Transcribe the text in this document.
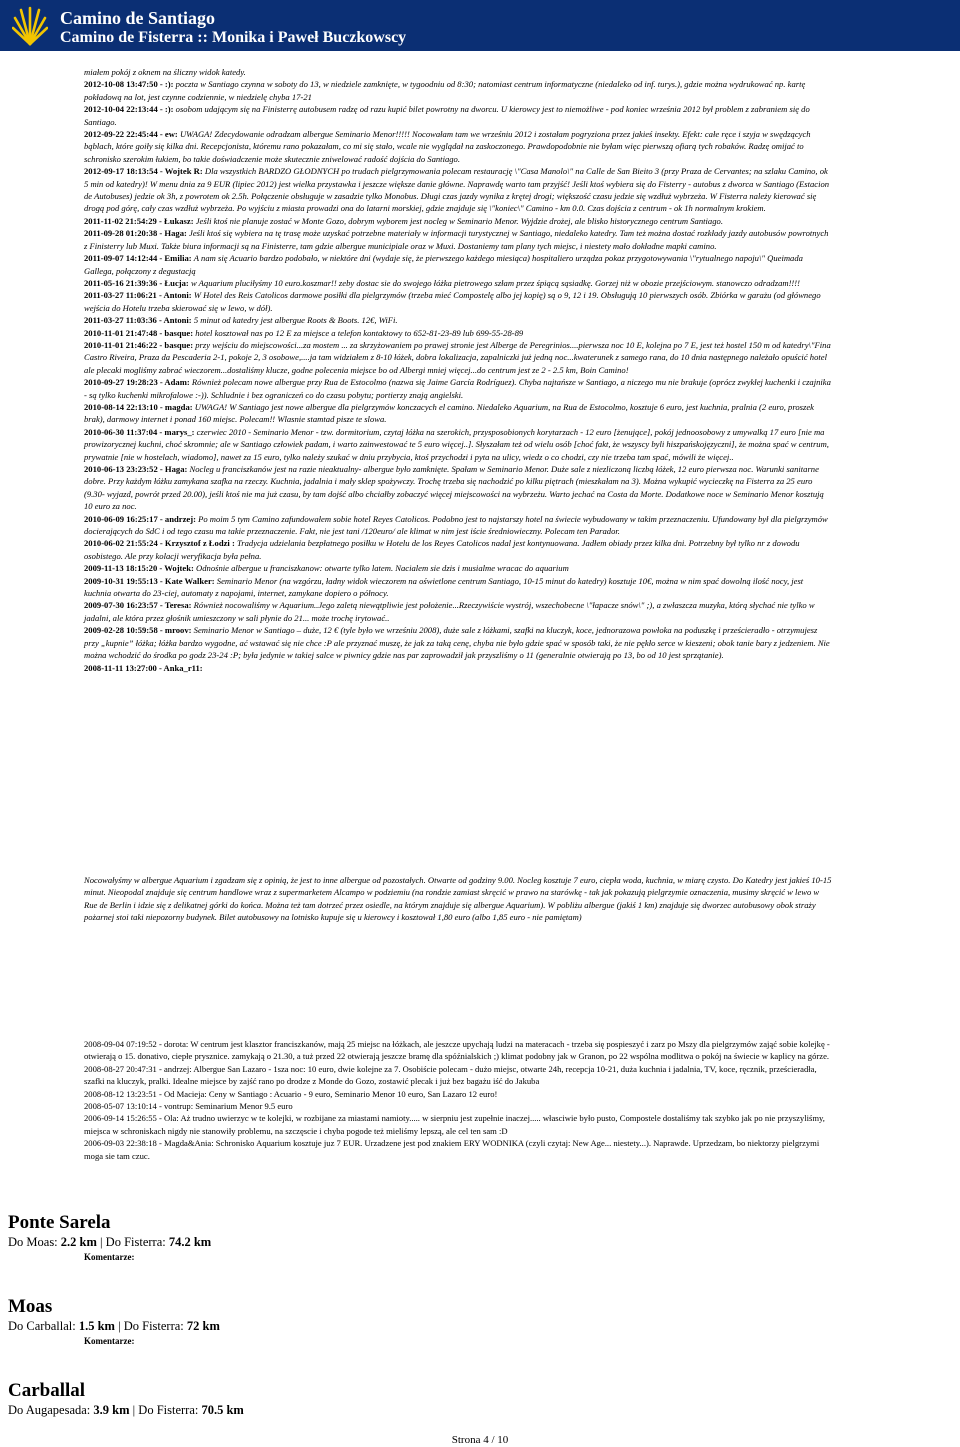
Camino de Santiago
Camino de Fisterra :: Monika i Paweł Buczkowscy

miałem pokój z oknem na śliczny widok katedy.

2012-10-08 13:47:50 - :): poczta w Santiago czynna w soboty do 13, w niedziele zamknięte, w tygoodniu od 8:30; natomiast centrum informatyczne (niedaleko od inf. turys.), gdzie można wydrukować np. kartę pokładową na lot, jest czynne codziennie, w niedzielę chyba 17-21

2012-10-04 22:13:44 - :): osobom udającym się na Finisterrę autobusem radzę od razu kupić bilet powrotny na dworcu. U kierowcy jest to niemożliwe - pod koniec września 2012 był problem z zabraniem się do Santiago.

2012-09-22 22:45:44 - ew: UWAGA! Zdecydowanie odradzam albergue Seminario Menor!!!!! Nocowałam tam we wrześniu 2012 i zostałam pogryziona przez jakieś insekty. Efekt: całe ręce i szyja w swędzących bąblach, które goiły się kilka dni. Recepcjonista, któremu rano pokazałam, co mi się stało, wcale nie wyglądał na zaskoczonego. Prawdopodobnie nie byłam więc pierwszą ofiarą tych robaków. Radzę omijać to schronisko szerokim łukiem, bo takie doświadczenie może skutecznie zniwelować radość dojścia do Santiago.

2012-09-17 18:13:54 - Wojtek R: Dla wszystkich BARDZO GŁODNYCH po trudach pielgrzymowania polecam restaurację \"Casa Manolo\" na Calle de San Bieito 3 (przy Praza de Cervantes; na szlaku Camino, ok 5 min od katedry)! W menu dnia za 9 EUR (lipiec 2012) jest wielka przystawka i jeszcze większe danie główne. Naprawdę warto tam przyjść! Jeśli ktoś wybiera się do Fisterry - autobus z dworca w Santiago (Estacion de Autobuses) jedzie ok 3h, z powrotem ok 2.5h. Połączenie obsługuje w zasadzie tylko Monobus. Długi czas jazdy wynika z krętej drogi; większość czasu jedzie się wzdłuż wybrzeża. W Fisterra należy kierować się drogą pod górę, cały czas wzdłuż wybrzeża. Po wyjściu z miasta prowadzi ona do latarni morskiej, gdzie znajduje się \"koniec\" Camino - km 0.0. Czas dojścia z centrum - ok 1h normalnym krokiem.

2011-11-02 21:54:29 - Łukasz: Jeśli ktoś nie planuje zostać w Monte Gozo, dobrym wyborem jest nocleg w Seminario Menor. Wyjdzie drożej, ale blisko historycznego centrum Santiago.

2011-09-28 01:20:38 - Haga: Jeśli ktoś się wybiera na tę trasę może uzyskać potrzebne materiały w informacji turystycznej w Santiago, niedaleko katedry. Tam też można dostać rozkłady jazdy autobusów powrotnych z Finisterry lub Muxi. Także biura informacji są na Finisterre, tam gdzie albergue municipiale oraz w Muxi. Dostaniemy tam plany tych miejsc, i niestety mało dokładne mapki camino.

2011-09-07 14:12:44 - Emilia: A nam się Acuario bardzo podobało, w niektóre dni (wydaje się, że pierwszego każdego miesiąca) hospitaliero urządza pokaz przygotowywania \"rytualnego napoju\" Queimada Gallega, połączony z degustacją

2011-05-16 21:39:36 - Łucja: w Aquarium pluciłyśmy 10 euro.koszmar!! zeby dostac sie do swojego łóżka pietrowego szłam przez śpiącą sąsiadkę. Gorzej niż w obozie przejściowym. stanowczo odradzam!!!!

2011-03-27 11:06:21 - Antoni: W Hotel des Reis Catolicos darmowe posiłki dla pielgrzymów (trzeba mieć Compostelę albo jej kopię) są o 9, 12 i 19. Obsługują 10 pierwszych osób. Zbiórka w garażu (od głównego wejścia do Hotelu trzeba skierować się w lewo, w dół).

2011-03-27 11:03:36 - Antoni: 5 minut od katedry jest albergue Roots & Boots. 12€, WiFi.

2010-11-01 21:47:48 - basque: hotel kosztował nas po 12 E za miejsce a telefon kontaktowy to 652-81-23-89 lub 699-55-28-89

2010-11-01 21:46:22 - basque: przy wejściu do miejscowości...za mostem ... za skrzyżowaniem po prawej stronie jest Alberge de Peregrinios....pierwsza noc 10 E, kolejna po 7 E, jest też hostel 150 m od katedry\"Fina Castro Riveira, Praza da Pescaderia 2-1, pokoje 2, 3 osobowe,....ja tam widziałem z 8-10 łóżek, dobra lokalizacja, zapalniczki już jedną noc...kwaterunek z samego rana, do 10 dnia następnego należało opuścić hotel ale plecaki mogliśmy zabrać wieczorem...dostaliśmy klucze, godne polecenia miejsce bo od Albergi mniej więcej...do centrum jest ze 2 - 2.5 km, Boin Camino!

2010-09-27 19:28:23 - Adam: Również polecam nowe albergue przy Rua de Estocolmo (nazwa się Jaime García Rodríguez). Chyba najtańsze w Santiago, a niczego mu nie brakuje (oprócz zwykłej kuchenki i czajnika - są tylko kuchenki mikrofalowe :-)). Schludnie i bez ograniczeń co do czasu pobytu; portierzy znają angielski.

2010-08-14 22:13:10 - magda: UWAGA! W Santiago jest nowe albergue dla pielgrzymów konczacych el camino. Niedaleko Aquarium, na Rua de Estocolmo, kosztuje 6 euro, jest kuchnia, pralnia (2 euro, proszek brak), darmowy internet i ponad 160 miejsc. Polecam!! Wlasnie stamtad pisze te slowa.

2010-06-30 11:37:04 - marys_: czerwiec 2010 - Seminario Menor - tzw. dormitorium, czytaj łóżka na szerokich, przysposobionych korytarzach - 12 euro [żenujące], pokój jednoosobowy z umywalką 17 euro [nie ma prowizorycznej kuchni, choć skromnie; ale w Santiago człowiek padam, i warto zainwestować te 5 euro więcej..]. Słyszałam też od wielu osób [choć fakt, że wszyscy byli hiszpańskojęzyczni], że można spać w centrum, prywatnie [nie w hostelach, wiadomo], nawet za 15 euro, tylko należy szukać w dniu przybycia, ktoś przychodzi i pyta na ulicy, wiedz o co chodzi, czy nie trzeba tam spać, mówili że więcej..

2010-06-13 23:23:52 - Haga: Nocleg u franciszkanów jest na razie nieaktualny- albergue było zamknięte. Spałam w Seminario Menor. Duże sale z niezliczoną liczbą łóżek, 12 euro pierwsza noc. Warunki sanitarne dobre. Przy każdym łóżku zamykana szafka na rzeczy. Kuchnia, jadalnia i mały sklep spożywczy. Trochę trzeba się nachodzić po kilku piętrach (mieszkałam na 3). Można wykupić wycieczkę na Fisterra za 25 euro (9.30- wyjazd, powrót przed 20.00), jeśli ktoś nie ma już czasu, by tam dojść albo chciałby zobaczyć więcej miejscowości na wybrzeżu. Warto jechać na Costa da Morte. Dodatkowe noce w Seminario Menor kosztują 10 euro za noc.

2010-06-09 16:25:17 - andrzej: Po moim 5 tym Camino zafundowałem sobie hotel Reyes Catolicos. Podobno jest to najstarszy hotel na świecie wybudowany w takim przeznaczeniu. Ufundowany był dla pielgrzymów docierających do SdC i od tego czasu ma takie przeznaczenie. Fakt, nie jest tani /120euro/ ale klimat w nim jest iście średniowieczny. Polecam ten Parador.

2010-06-02 21:55:24 - Krzysztof z Łodzi : Tradycja udzielania bezpłatnego posiłku w Hotelu de los Reyes Catolicos nadal jest kontynuowana. Jadłem obiady przez kilka dni. Potrzebny był tylko nr z dowodu osobistego. Ale przy kolacji weryfikacja była pełna.

2009-11-13 18:15:20 - Wojtek: Odnośnie albergue u franciszkanow: otwarte tylko latem. Nacialem sie dzis i musialme wracac do aquarium

2009-10-31 19:55:13 - Kate Walker: Seminario Menor (na wzgórzu, ładny widok wieczorem na oświetlone centrum Santiago, 10-15 minut do katedry) kosztuje 10€, można w nim spać dowolną ilość nocy, jest kuchnia otwarta do 23-ciej, automaty z napojami, internet, zamykane dopiero o północy.

2009-07-30 16:23:57 - Teresa: Również nocowaliśmy w Aquarium..Jego zaletą niewątpliwie jest położenie...Rzeczywiście wystrój, wszechobecne \"łapacze snów\" ;), a zwłaszcza muzyka, którą słychać nie tylko w jadalni, ale która przez głośnik umieszczony w sali płynie do 21... może trochę irytować..

2009-02-28 10:59:58 - mroov: Seminario Menor w Santiago – duże, 12 € (tyle było we wrześniu 2008), duże sale z łóżkami, szafki na kluczyk, koce, jednorazowa powłoka na poduszkę i prześcieradło - otrzymujesz przy „kupnie” łóżka; łóżka bardzo wygodne, ać wstawać się nie chce :P ale przyznać muszę, że jak za taką cenę, chyba nie było gdzie spać w sposób taki, że nie pękło serce w kieszeni; obok tanie bary z jedzeniem. Nie można wchodzić do środka po godz 23-24 :P; była jedynie w takiej salce w piwnicy gdzie nas par zaprowadził jak przyszliśmy o 11 (generalnie otwierają po 13, bo od 10 jest sprzątanie).

2008-11-11 13:27:00 - Anka_r11:

Nocowałyśmy w albergue Aquarium i zgadzam się z opinią, że jest to inne albergue od pozostałych. Otwarte od godziny 9.00. Nocleg kosztuje 7 euro, ciepła woda, kuchnia, w miarę czysto. Do Katedry jest jakieś 10-15 minut. Nieopodal znajduje się centrum handlowe wraz z supermarketem Alcampo w podziemiu (na rondzie zamiast skręcić w prawo na starówkę - tak jak pokazują pielgrzymie oznaczenia, musimy skręcić w lewo w Rue de Berlin i idzie się z delikatnej górki do końca. Można też tam dotrzeć przez osiedle, na którym znajduje się albergue Aquarium). W pobliżu albergue (jakiś 1 km) znajduje się dworzec autobusowy obok straży pożarnej stoi taki niepozorny budynek. Bilet autobusowy na lotnisko kupuje się u kierowcy i kosztował 1,80 euro (albo 1,85 euro - nie pamiętam)

2008-09-04 07:19:52 - dorota: W centrum jest klasztor franciszkanów, mają 25 miejsc na łóżkach, ale jeszcze upychają ludzi na materacach - trzeba się pospieszyć i zarz po Mszy dla pielgrzymów zająć sobie kolejkę - otwierają o 15. donativo, ciepłe prysznice. zamykają o 21.30, a tuż przed 22 otwierają jeszcze bramę dla spóźnialskich ;) klimat podobny jak w Granon, po 22 wspólna modlitwa o pokój na świecie w kaplicy na górze.

2008-08-27 20:47:31 - andrzej: Albergue San Lazaro - 1sza noc: 10 euro, dwie kolejne za 7. Osobiście polecam - dużo miejsc, otwarte 24h, recepcja 10-21, duża kuchnia i jadalnia, TV, koce, ręcznik, prześcieradła, szafki na kluczyk, pralki. Idealne miejsce by zajść rano po drodze z Monde do Gozo, zostawić plecak i już bez bagażu iść do Jakuba

2008-08-12 13:23:51 - Od Macieja: Ceny w Santiago : Acuario - 9 euro, Seminario Menor 10 euro, San Lazaro 12 euro!

2008-05-07 13:10:14 - vontrup: Seminarium Menor 9.5 euro

2006-09-14 15:26:55 - Ola: Aż trudno uwierzyc w te kolejki, w rozbijane za miastami namioty..... w sierpniu jest zupełnie inaczej..... własciwie było pusto, Compostele dostaliśmy tak szybko jak po nie przyszyliśmy, miejsca w schroniskach nigdy nie stanowiły problemu, na szczęscie i chyba pogode też mieliśmy lepszą, ale cel ten sam :D

2006-09-03 22:38:18 - Magda&Ania: Schronisko Aquarium kosztuje juz 7 EUR. Urzadzene jest pod znakiem ERY WODNIKA (czyli czytaj: New Age... niestety...). Naprawde. Uprzedzam, bo niektorzy pielgrzymi moga sie tam czuc.

Ponte Sarela
Do Moas: 2.2 km | Do Fisterra: 74.2 km
Komentarze:
Moas
Do Carballal: 1.5 km | Do Fisterra: 72 km
Komentarze:
Carballal
Do Augapesada: 3.9 km | Do Fisterra: 70.5 km
Strona 4 / 10
